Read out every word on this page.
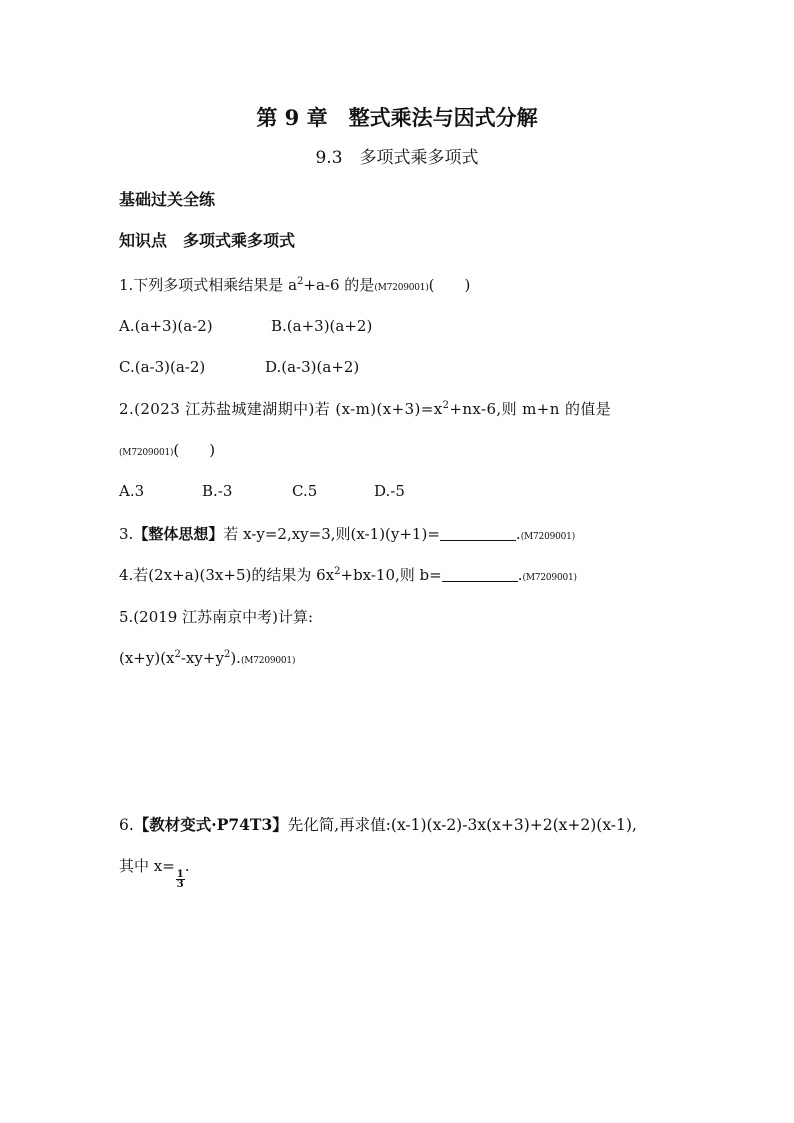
第 9 章　整式乘法与因式分解
9.3　多项式乘多项式
基础过关全练
知识点　多项式乘多项式
1.下列多项式相乘结果是 $a^2+a-6$ 的是(M7209001)( )
A.(a+3)(a-2)	B.(a+3)(a+2)
C.(a-3)(a-2)	D.(a-3)(a+2)
2.(2023 江苏盐城建湖期中)若 $(x-m)(x+3)=x^2+nx-6$,则 m+n 的值是
(M7209001)( )
A.3	B.-3	C.5	D.-5
3.【整体思想】若 x-y=2,xy=3,则(x-1)(y+1)=	.(M7209001)
4.若(2x+a)(3x+5)的结果为 $6x^2+bx-10$,则 b=	.(M7209001)
5.(2019 江苏南京中考)计算:
$(x+y)(x^2-xy+y^2).(M7209001)$
6.【教材变式·P74T3】先化简,再求值:(x-1)(x-2)-3x(x+3)+2(x+2)(x-1),
其中 x=
$\frac{1}{3}$
.
